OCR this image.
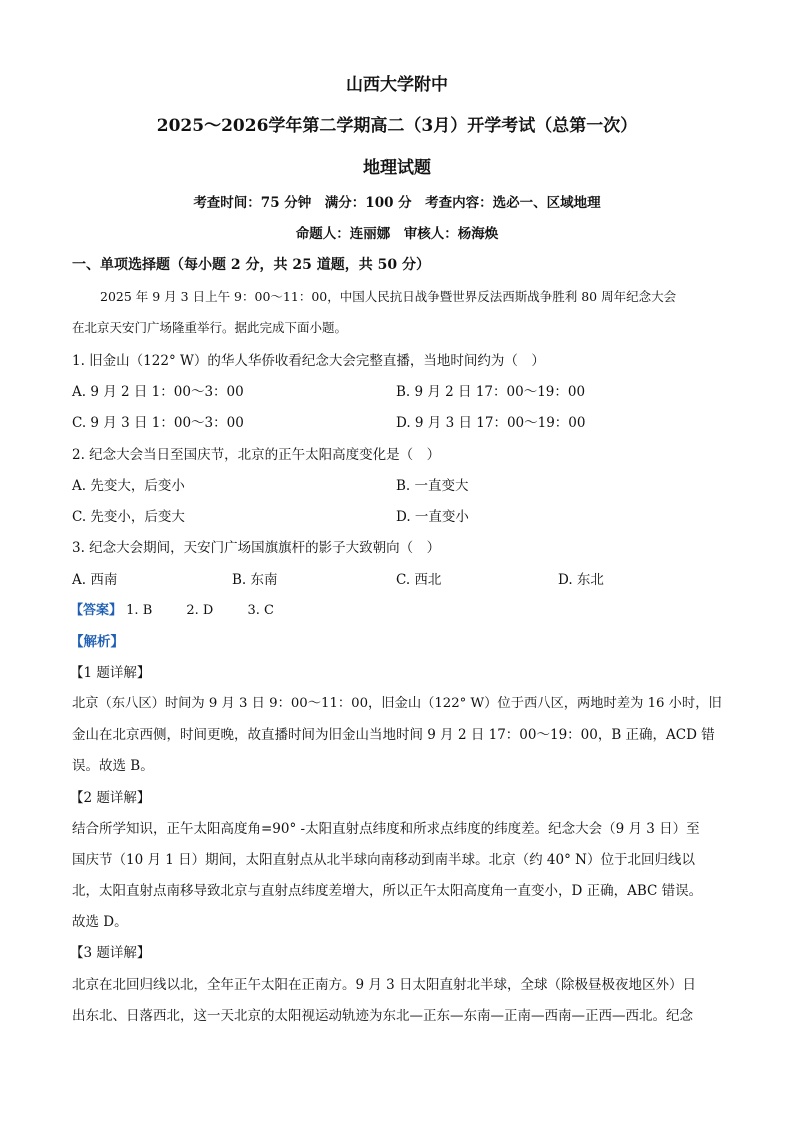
山西大学附中
2025～2026学年第二学期高二（3月）开学考试（总第一次）
地理试题
考查时间：75 分钟　满分：100 分　考查内容：选必一、区域地理
命题人：连丽娜　审核人：杨海焕
一、单项选择题（每小题 2 分，共 25 道题，共 50 分）
2025 年 9 月 3 日上午 9：00～11：00，中国人民抗日战争暨世界反法西斯战争胜利 80 周年纪念大会
在北京天安门广场隆重举行。据此完成下面小题。
1. 旧金山（122° W）的华人华侨收看纪念大会完整直播，当地时间约为（　）
A. 9 月 2 日 1：00～3：00	B. 9 月 2 日 17：00～19：00
C. 9 月 3 日 1：00～3：00	D. 9 月 3 日 17：00～19：00
2. 纪念大会当日至国庆节，北京的正午太阳高度变化是（　）
A. 先变大，后变小	B. 一直变大
C. 先变小，后变大	D. 一直变小
3. 纪念大会期间，天安门广场国旗旗杆的影子大致朝向（　）
A. 西南	B. 东南	C. 西北	D. 东北
【答案】 1. B	2. D	3. C
【解析】
【1 题详解】
北京（东八区）时间为 9 月 3 日 9：00～11：00，旧金山（122° W）位于西八区，两地时差为 16 小时，旧
金山在北京西侧，时间更晚，故直播时间为旧金山当地时间 9 月 2 日 17：00～19：00，B 正确，ACD 错
误。故选 B。
【2 题详解】
结合所学知识，正午太阳高度角=90° -太阳直射点纬度和所求点纬度的纬度差。纪念大会（9 月 3 日）至
国庆节（10 月 1 日）期间，太阳直射点从北半球向南移动到南半球。北京（约 40° N）位于北回归线以
北，太阳直射点南移导致北京与直射点纬度差增大，所以正午太阳高度角一直变小，D 正确，ABC 错误。
故选 D。
【3 题详解】
北京在北回归线以北，全年正午太阳在正南方。9 月 3 日太阳直射北半球，全球（除极昼极夜地区外）日
出东北、日落西北，这一天北京的太阳视运动轨迹为东北—正东—东南—正南—西南—正西—西北。纪念
